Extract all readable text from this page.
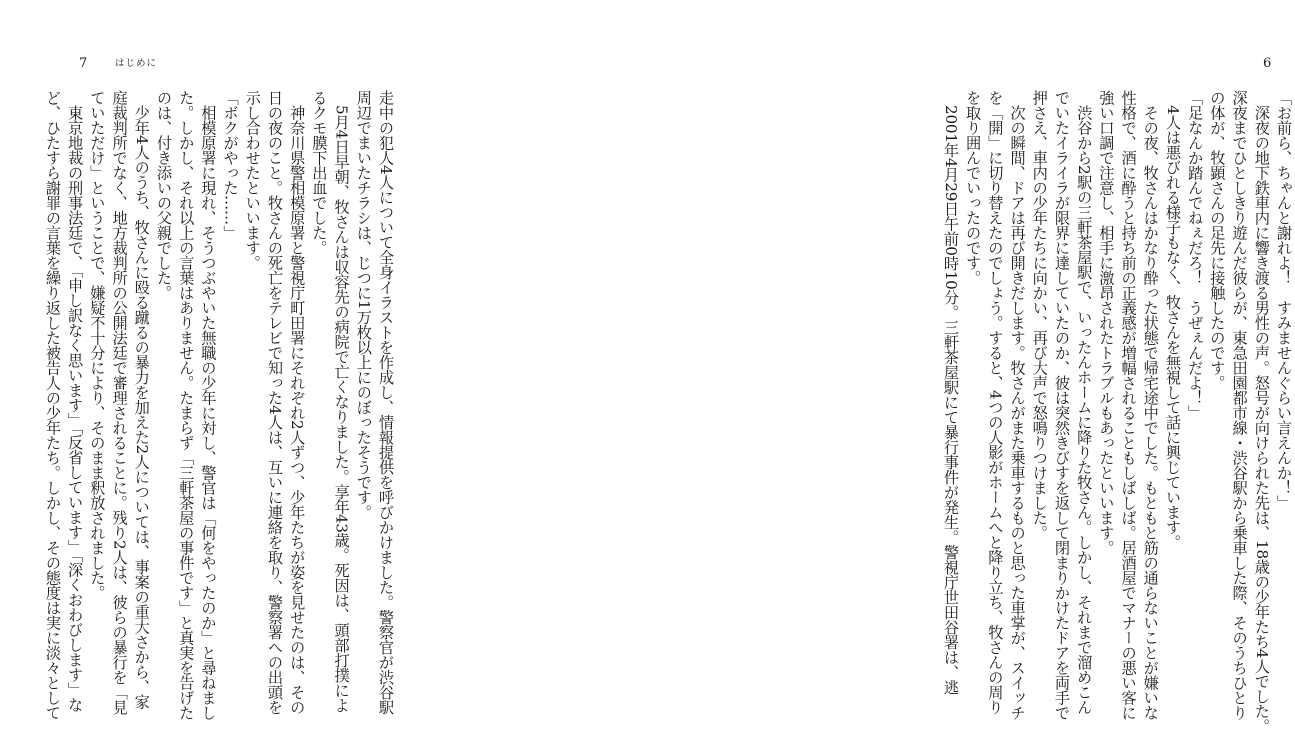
7	はじめに
走中の犯人4人について全身イラストを作成し、情報提供を呼びかけました。警察官が渋谷駅
周辺でまいたチラシは、じつに1万枚以上にのぼったそうです。
5月4日早朝、牧さんは収容先の病院で亡くなりました。享年43歳。死因は、頭部打撲によ
るクモ膜下出血でした。
神奈川県警相模原署と警視庁町田署にそれぞれ2人ずつ、少年たちが姿を見せたのは、その
日の夜のこと。牧さんの死亡をテレビで知った4人は、互いに連絡を取り、警察署への出頭を
示し合わせたといいます。
「ボクがやった……」
相模原署に現れ、そうつぶやいた無職の少年に対し、警官は「何をやったのか」と尋ねまし
た。しかし、それ以上の言葉はありません。たまらず「三軒茶屋の事件です」と真実を告げた
のは、付き添いの父親でした。
少年4人のうち、牧さんに殴る蹴るの暴力を加えた2人については、事案の重大さから、家
庭裁判所でなく、地方裁判所の公開法廷で審理されることに。残り2人は、彼らの暴行を「見
ていただけ」ということで、嫌疑不十分により、そのまま釈放されました。
東京地裁の刑事法廷で、「申し訳なく思います」「反省しています」「深くおわびします」な
ど、ひたすら謝罪の言葉を繰り返した被告人の少年たち。しかし、その態度は実に淡々として
6
「お前ら、ちゃんと謝れよ！　すみませんぐらい言えんか！」
深夜の地下鉄車内に響き渡る男性の声。怒号が向けられた先は、18歳の少年たち4人でした。
深夜までひとしきり遊んだ彼らが、東急田園都市線・渋谷駅から乗車した際、そのうちひとり
の体が、牧顕さんの足先に接触したのです。
「足なんか踏んでねぇだろ！　うぜぇんだよ！」
4人は悪びれる様子もなく、牧さんを無視して話に興じています。
その夜、牧さんはかなり酔った状態で帰宅途中でした。もともと筋の通らないことが嫌いな
性格で、酒に酔うと持ち前の正義感が増幅されることもしばしば。居酒屋でマナーの悪い客に
強い口調で注意し、相手に激昂されたトラブルもあったといいます。
渋谷から2駅の三軒茶屋駅で、いったんホームに降りた牧さん。しかし、それまで溜めこん
でいたイライラが限界に達していたのか、彼は突然きびすを返して閉まりかけたドアを両手で
押さえ、車内の少年たちに向かい、再び大声で怒鳴りつけました。
次の瞬間、ドアは再び開きだします。牧さんがまた乗車するものと思った車掌が、スイッチ
を「開」に切り替えたのでしょう。すると、4つの人影がホームへと降り立ち、牧さんの周り
を取り囲んでいったのです。
2001年4月29日午前0時10分。三軒茶屋駅にて暴行事件が発生。警視庁世田谷署は、逃
